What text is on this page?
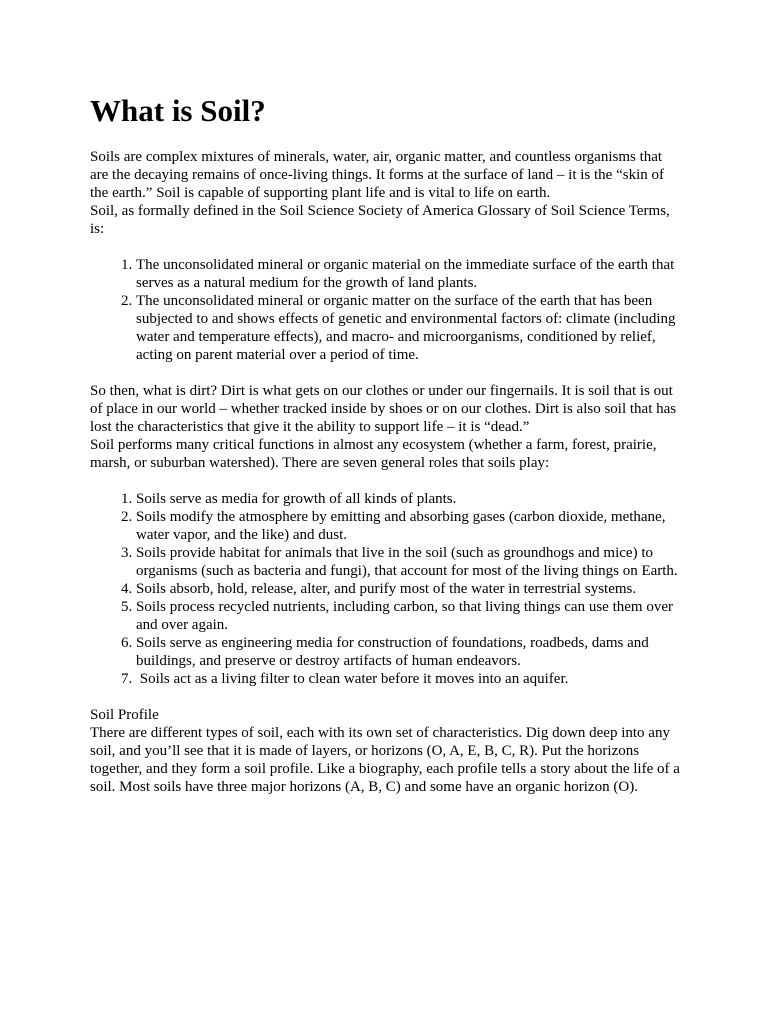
What is Soil?

Soils are complex mixtures of minerals, water, air, organic matter, and countless organisms that are the decaying remains of once-living things. It forms at the surface of land – it is the “skin of the earth.” Soil is capable of supporting plant life and is vital to life on earth.

Soil, as formally defined in the Soil Science Society of America Glossary of Soil Science Terms, is:

1. The unconsolidated mineral or organic material on the immediate surface of the earth that serves as a natural medium for the growth of land plants.
2. The unconsolidated mineral or organic matter on the surface of the earth that has been subjected to and shows effects of genetic and environmental factors of: climate (including water and temperature effects), and macro- and microorganisms, conditioned by relief, acting on parent material over a period of time.

So then, what is dirt? Dirt is what gets on our clothes or under our fingernails. It is soil that is out of place in our world – whether tracked inside by shoes or on our clothes. Dirt is also soil that has lost the characteristics that give it the ability to support life – it is “dead.”

Soil performs many critical functions in almost any ecosystem (whether a farm, forest, prairie, marsh, or suburban watershed). There are seven general roles that soils play:

1. Soils serve as media for growth of all kinds of plants.
2. Soils modify the atmosphere by emitting and absorbing gases (carbon dioxide, methane, water vapor, and the like) and dust.
3. Soils provide habitat for animals that live in the soil (such as groundhogs and mice) to organisms (such as bacteria and fungi), that account for most of the living things on Earth.
4. Soils absorb, hold, release, alter, and purify most of the water in terrestrial systems.
5. Soils process recycled nutrients, including carbon, so that living things can use them over and over again.
6. Soils serve as engineering media for construction of foundations, roadbeds, dams and buildings, and preserve or destroy artifacts of human endeavors.
7.  Soils act as a living filter to clean water before it moves into an aquifer.

Soil Profile

There are different types of soil, each with its own set of characteristics. Dig down deep into any soil, and you’ll see that it is made of layers, or horizons (O, A, E, B, C, R). Put the horizons together, and they form a soil profile. Like a biography, each profile tells a story about the life of a soil. Most soils have three major horizons (A, B, C) and some have an organic horizon (O).
